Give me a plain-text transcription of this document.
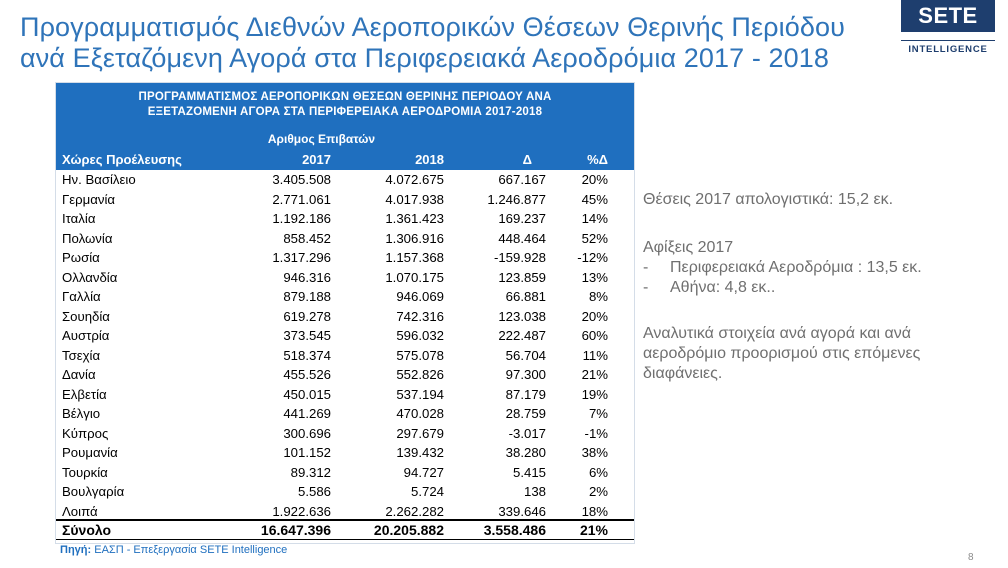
Προγραμματισμός Διεθνών Αεροπορικών Θέσεων Θερινής Περιόδου
ανά Εξεταζόμενη Αγορά στα Περιφερειακά Αεροδρόμια 2017 - 2018
SETE
INTELLIGENCE
ΠΡΟΓΡΑΜΜΑΤΙΣΜΟΣ ΑΕΡΟΠΟΡΙΚΩΝ ΘΕΣΕΩΝ ΘΕΡΙΝΗΣ ΠΕΡΙΟΔΟΥ ΑΝΑ
ΕΞΕΤΑΖΟΜΕΝΗ ΑΓΟΡΑ ΣΤΑ ΠΕΡΙΦΕΡΕΙΑΚΑ ΑΕΡΟΔΡΟΜΙΑ 2017-2018
Αριθμος Επιβατών
Χώρες Προέλευσης	2017	2018	Δ	%Δ
Ην. Βασίλειο	3.405.508	4.072.675	667.167	20%
Γερμανία	2.771.061	4.017.938	1.246.877	45%
Ιταλία	1.192.186	1.361.423	169.237	14%
Πολωνία	858.452	1.306.916	448.464	52%
Ρωσία	1.317.296	1.157.368	-159.928	-12%
Ολλανδία	946.316	1.070.175	123.859	13%
Γαλλία	879.188	946.069	66.881	8%
Σουηδία	619.278	742.316	123.038	20%
Αυστρία	373.545	596.032	222.487	60%
Τσεχία	518.374	575.078	56.704	11%
Δανία	455.526	552.826	97.300	21%
Ελβετία	450.015	537.194	87.179	19%
Βέλγιο	441.269	470.028	28.759	7%
Κύπρος	300.696	297.679	-3.017	-1%
Ρουμανία	101.152	139.432	38.280	38%
Τουρκία	89.312	94.727	5.415	6%
Βουλγαρία	5.586	5.724	138	2%
Λοιπά	1.922.636	2.262.282	339.646	18%
Σύνολο	16.647.396	20.205.882	3.558.486	21%
Πηγή: ΕΑΣΠ - Επεξεργασία SETE Intelligence

Θέσεις 2017 απολογιστικά: 15,2 εκ.

Αφίξεις 2017

- Περιφερειακά Αεροδρόμια : 13,5 εκ.
- Αθήνα: 4,8 εκ..

Αναλυτικά στοιχεία ανά αγορά και ανά αεροδρόμιο προορισμού στις επόμενες διαφάνειες.

8
